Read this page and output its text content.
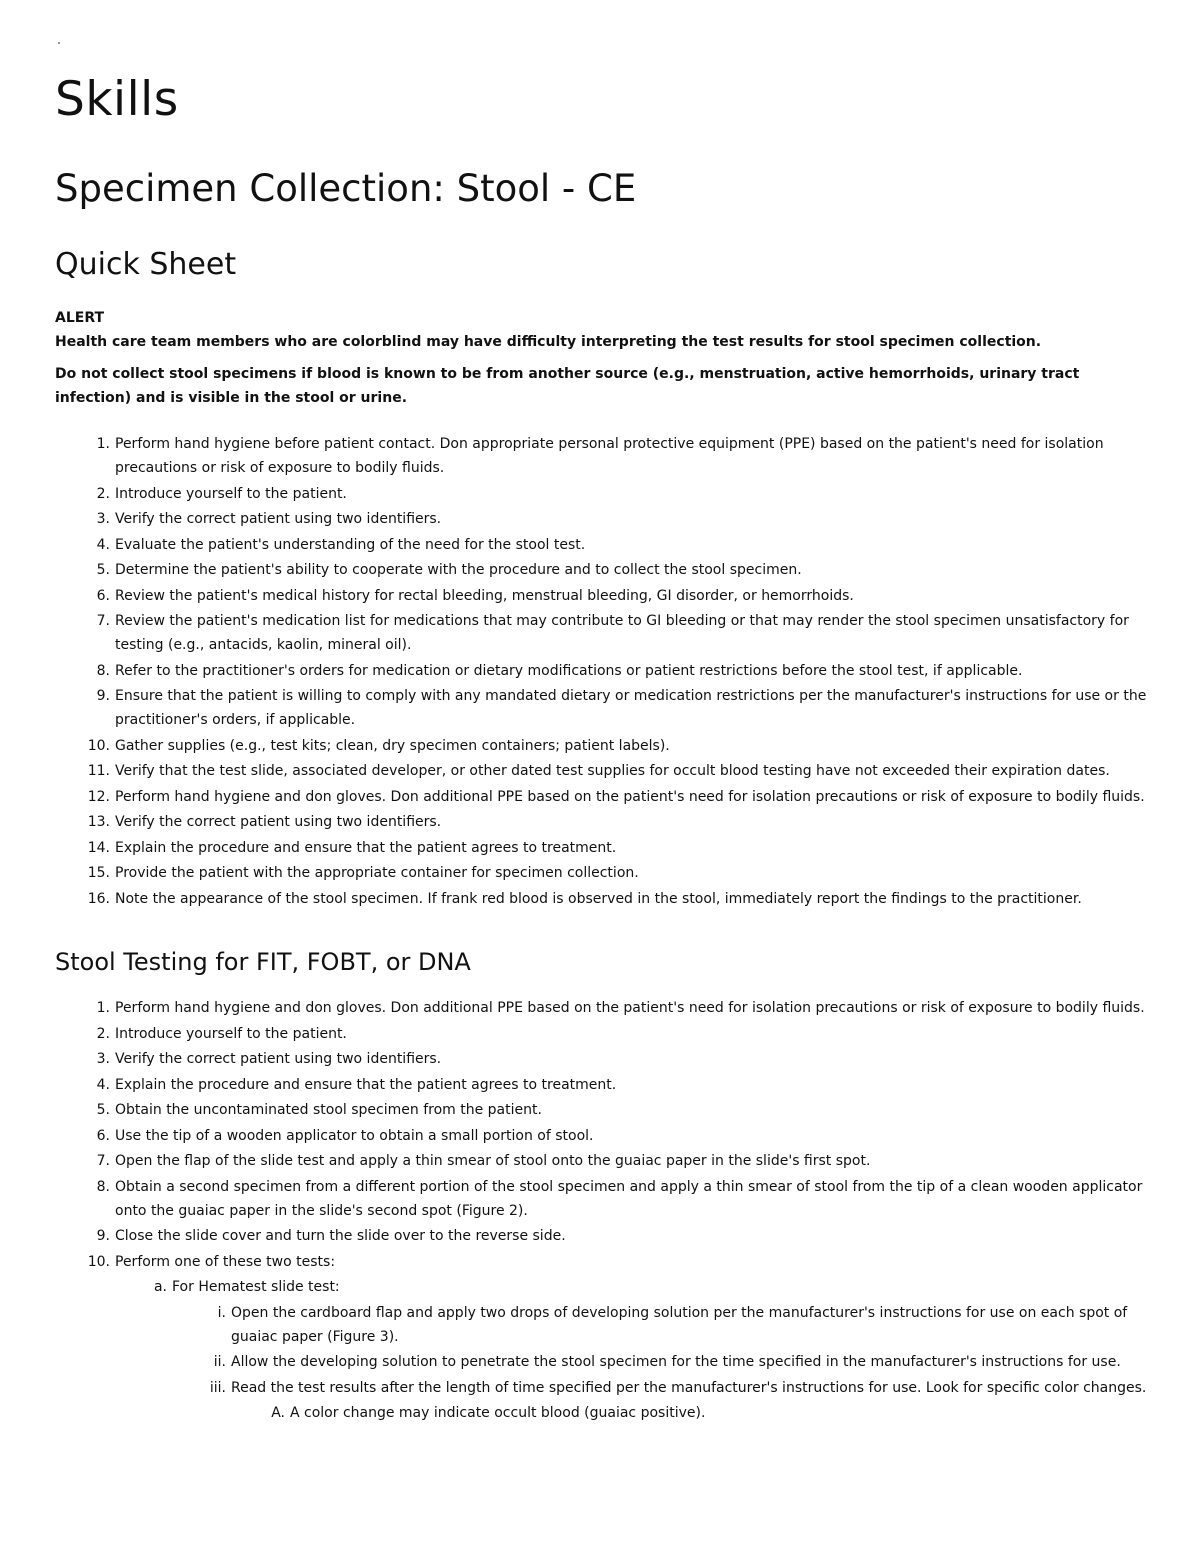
Skills
Specimen Collection: Stool - CE
Quick Sheet

ALERT

Health care team members who are colorblind may have difficulty interpreting the test results for stool specimen collection.

Do not collect stool specimens if blood is known to be from another source (e.g., menstruation, active hemorrhoids, urinary tract infection) and is visible in the stool or urine.

1. Perform hand hygiene before patient contact. Don appropriate personal protective equipment (PPE) based on the patient's need for isolation precautions or risk of exposure to bodily fluids.
2. Introduce yourself to the patient.
3. Verify the correct patient using two identifiers.
4. Evaluate the patient's understanding of the need for the stool test.
5. Determine the patient's ability to cooperate with the procedure and to collect the stool specimen.
6. Review the patient's medical history for rectal bleeding, menstrual bleeding, GI disorder, or hemorrhoids.
7. Review the patient's medication list for medications that may contribute to GI bleeding or that may render the stool specimen unsatisfactory for testing (e.g., antacids, kaolin, mineral oil).
8. Refer to the practitioner's orders for medication or dietary modifications or patient restrictions before the stool test, if applicable.
9. Ensure that the patient is willing to comply with any mandated dietary or medication restrictions per the manufacturer's instructions for use or the practitioner's orders, if applicable.
10. Gather supplies (e.g., test kits; clean, dry specimen containers; patient labels).
11. Verify that the test slide, associated developer, or other dated test supplies for occult blood testing have not exceeded their expiration dates.
12. Perform hand hygiene and don gloves. Don additional PPE based on the patient's need for isolation precautions or risk of exposure to bodily fluids.
13. Verify the correct patient using two identifiers.
14. Explain the procedure and ensure that the patient agrees to treatment.
15. Provide the patient with the appropriate container for specimen collection.
16. Note the appearance of the stool specimen. If frank red blood is observed in the stool, immediately report the findings to the practitioner.
Stool Testing for FIT, FOBT, or DNA
1. Perform hand hygiene and don gloves. Don additional PPE based on the patient's need for isolation precautions or risk of exposure to bodily fluids.
2. Introduce yourself to the patient.
3. Verify the correct patient using two identifiers.
4. Explain the procedure and ensure that the patient agrees to treatment.
5. Obtain the uncontaminated stool specimen from the patient.
6. Use the tip of a wooden applicator to obtain a small portion of stool.
7. Open the flap of the slide test and apply a thin smear of stool onto the guaiac paper in the slide's first spot.
8. Obtain a second specimen from a different portion of the stool specimen and apply a thin smear of stool from the tip of a clean wooden applicator onto the guaiac paper in the slide's second spot (Figure 2).
9. Close the slide cover and turn the slide over to the reverse side.
10. Perform one of these two tests:
a. For Hematest slide test:
i. Open the cardboard flap and apply two drops of developing solution per the manufacturer's instructions for use on each spot of guaiac paper (Figure 3).
ii. Allow the developing solution to penetrate the stool specimen for the time specified in the manufacturer's instructions for use.
iii. Read the test results after the length of time specified per the manufacturer's instructions for use. Look for specific color changes.
A. A color change may indicate occult blood (guaiac positive).
